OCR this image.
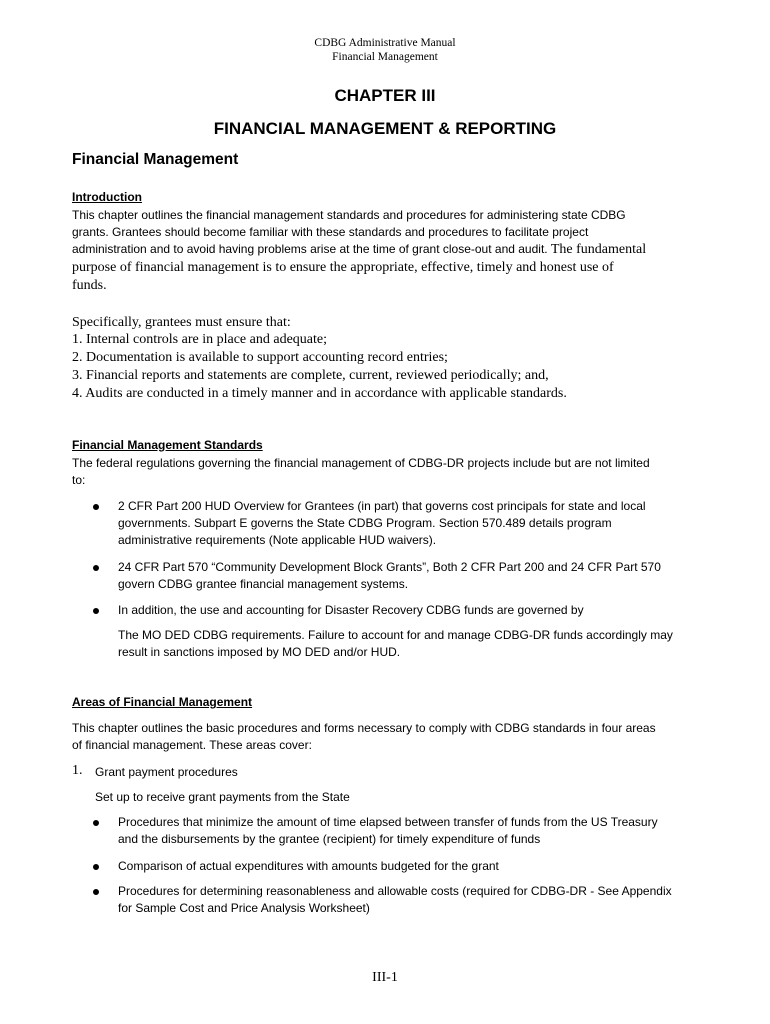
CDBG Administrative Manual
Financial Management
CHAPTER III
FINANCIAL MANAGEMENT & REPORTING
Financial Management
Introduction
This chapter outlines the financial management standards and procedures for administering state CDBG
grants. Grantees should become familiar with these standards and procedures to facilitate project
administration and to avoid having problems arise at the time of grant close-out and audit. The fundamental
purpose of financial management is to ensure the appropriate, effective, timely and honest use of
funds.
Specifically, grantees must ensure that:
1. Internal controls are in place and adequate;
2. Documentation is available to support accounting record entries;
3. Financial reports and statements are complete, current, reviewed periodically; and,
4. Audits are conducted in a timely manner and in accordance with applicable standards.
Financial Management Standards
The federal regulations governing the financial management of CDBG-DR projects include but are not limited
to:
2 CFR Part 200 HUD Overview for Grantees (in part) that governs cost principals for state and local
governments. Subpart E governs the State CDBG Program. Section 570.489 details program
administrative requirements (Note applicable HUD waivers).
24 CFR Part 570 “Community Development Block Grants”, Both 2 CFR Part 200 and 24 CFR Part 570
govern CDBG grantee financial management systems.
In addition, the use and accounting for Disaster Recovery CDBG funds are governed by
The MO DED CDBG requirements. Failure to account for and manage CDBG-DR funds accordingly may
result in sanctions imposed by MO DED and/or HUD.
Areas of Financial Management
This chapter outlines the basic procedures and forms necessary to comply with CDBG standards in four areas
of financial management. These areas cover:
1. Grant payment procedures
Set up to receive grant payments from the State
Procedures that minimize the amount of time elapsed between transfer of funds from the US Treasury
and the disbursements by the grantee (recipient) for timely expenditure of funds
Comparison of actual expenditures with amounts budgeted for the grant
Procedures for determining reasonableness and allowable costs (required for CDBG-DR - See Appendix
for Sample Cost and Price Analysis Worksheet)
III-1
